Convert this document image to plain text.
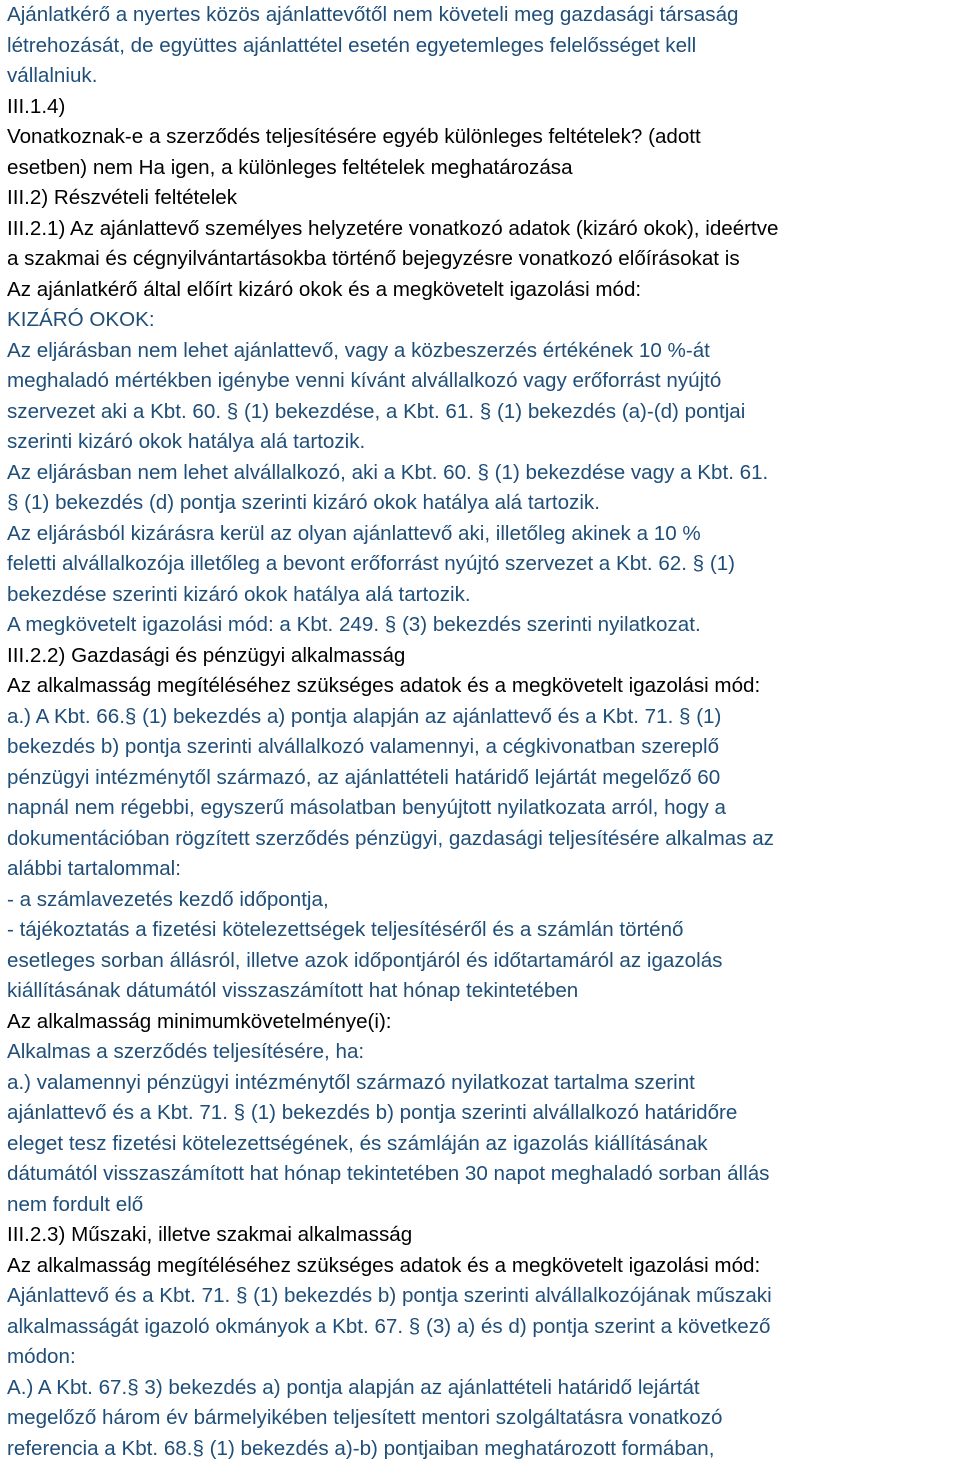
Ajánlatkérő a nyertes közös ajánlattevőtől nem követeli meg gazdasági társaság
létrehozását, de együttes ajánlattétel esetén egyetemleges felelősséget kell
vállalniuk.
III.1.4)
Vonatkoznak-e a szerződés teljesítésére egyéb különleges feltételek? (adott
esetben) nem Ha igen, a különleges feltételek meghatározása
III.2) Részvételi feltételek
III.2.1) Az ajánlattevő személyes helyzetére vonatkozó adatok (kizáró okok), ideértve
a szakmai és cégnyilvántartásokba történő bejegyzésre vonatkozó előírásokat is
Az ajánlatkérő által előírt kizáró okok és a megkövetelt igazolási mód:
KIZÁRÓ OKOK:
Az eljárásban nem lehet ajánlattevő, vagy a közbeszerzés értékének 10 %-át
meghaladó mértékben igénybe venni kívánt alvállalkozó vagy erőforrást nyújtó
szervezet aki a Kbt. 60. § (1) bekezdése, a Kbt. 61. § (1) bekezdés (a)-(d) pontjai
szerinti kizáró okok hatálya alá tartozik.
Az eljárásban nem lehet alvállalkozó, aki a Kbt. 60. § (1) bekezdése vagy a Kbt. 61.
§ (1) bekezdés (d) pontja szerinti kizáró okok hatálya alá tartozik.
Az eljárásból kizárásra kerül az olyan ajánlattevő aki, illetőleg akinek a 10 %
feletti alvállalkozója illetőleg a bevont erőforrást nyújtó szervezet a Kbt. 62. § (1)
bekezdése szerinti kizáró okok hatálya alá tartozik.
A megkövetelt igazolási mód: a Kbt. 249. § (3) bekezdés szerinti nyilatkozat.
III.2.2) Gazdasági és pénzügyi alkalmasság
Az alkalmasság megítéléséhez szükséges adatok és a megkövetelt igazolási mód:
a.) A Kbt. 66.§ (1) bekezdés a) pontja alapján az ajánlattevő és a Kbt. 71. § (1)
bekezdés b) pontja szerinti alvállalkozó valamennyi, a cégkivonatban szereplő
pénzügyi intézménytől származó, az ajánlattételi határidő lejártát megelőző 60
napnál nem régebbi, egyszerű másolatban benyújtott nyilatkozata arról, hogy a
dokumentációban rögzített szerződés pénzügyi, gazdasági teljesítésére alkalmas az
alábbi tartalommal:
- a számlavezetés kezdő időpontja,
- tájékoztatás a fizetési kötelezettségek teljesítéséről és a számlán történő
esetleges sorban állásról, illetve azok időpontjáról és időtartamáról az igazolás
kiállításának dátumától visszaszámított hat hónap tekintetében
Az alkalmasság minimumkövetelménye(i):
Alkalmas a szerződés teljesítésére, ha:
a.) valamennyi pénzügyi intézménytől származó nyilatkozat tartalma szerint
ajánlattevő és a Kbt. 71. § (1) bekezdés b) pontja szerinti alvállalkozó határidőre
eleget tesz fizetési kötelezettségének, és számláján az igazolás kiállításának
dátumától visszaszámított hat hónap tekintetében 30 napot meghaladó sorban állás
nem fordult elő
III.2.3) Műszaki, illetve szakmai alkalmasság
Az alkalmasság megítéléséhez szükséges adatok és a megkövetelt igazolási mód:
Ajánlattevő és a Kbt. 71. § (1) bekezdés b) pontja szerinti alvállalkozójának műszaki
alkalmasságát igazoló okmányok a Kbt. 67. § (3) a) és d) pontja szerint a következő
módon:
A.) A Kbt. 67.§ 3) bekezdés a) pontja alapján az ajánlattételi határidő lejártát
megelőző három év bármelyikében teljesített mentori szolgáltatásra vonatkozó
referencia a Kbt. 68.§ (1) bekezdés a)-b) pontjaiban meghatározott formában,
